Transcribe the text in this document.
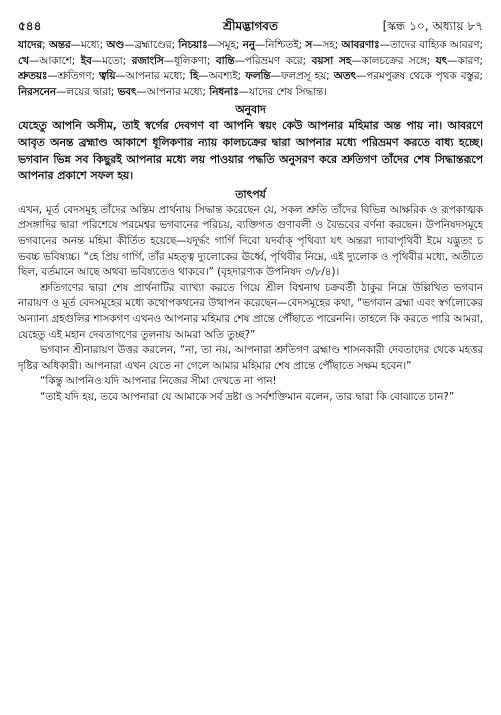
৫৪৪	শ্রীমদ্ভাগবত	[স্কন্ধ ১০, অধ্যায় ৮৭

যাদের; অন্তর—মধ্যে; অণ্ড—ব্রহ্মাণ্ডের; নিচয়াঃ—সমূহ; ননু—নিশ্চিতই; স—সহ; আবরণাঃ—তাদের বাহ্যিক আবরণ; খে—আকাশে; ইব—মতো; রজাংসি—ধূলিকণা; বান্তি—পরিভ্রমণ করে; বয়সা সহ—কালচক্রের সঙ্গে; যৎ—কারণ; শ্রুতয়ঃ—শ্রুতিগণ; ত্বয়ি—আপনার মধ্যে; হি—অবশ্যই; ফলন্তি—ফলপ্রসূ হয়; অতৎ—পরমপুরুষ থেকে পৃথক বস্তুর; নিরসনেন—লয়ের দ্বারা; ভবৎ—আপনার মধ্যে; নিধনাঃ—যাদের শেষ সিদ্ধান্ত।

অনুবাদ

যেহেতু আপনি অসীম, তাই স্বর্গের দেবগণ বা আপনি স্বয়ং কেউ আপনার মহিমার অন্ত পায় না। আবরণে আবৃত অনন্ত ব্রহ্মাণ্ড আকাশে ধূলিকণার ন্যায় কালচক্রের দ্বারা আপনার মধ্যে পরিভ্রমণ করতে বাধ্য হচ্ছে। ভগবান ভিন্ন সব কিছুরই আপনার মধ্যে লয় পাওয়ার পদ্ধতি অনুসরণ করে শ্রুতিগণ তাঁদের শেষ সিদ্ধান্তরূপে আপনার প্রকাশে সফল হয়।

তাৎপর্য

এখন, মূর্ত বেদসমূহ তাঁদের অন্তিম প্রার্থনায় সিদ্ধান্ত করেছেন যে, সকল শ্রুতি তাঁদের বিভিন্ন আক্ষরিক ও রূপকাত্মক প্রসঙ্গাদির দ্বারা পরিশেষে পরমেশ্বর ভগবানের পরিচয়, ব্যক্তিগত গুণাবলী ও বৈভবের বর্ণনা করছেন। উপনিষদসমূহে ভগবানের অনন্ত মহিমা কীর্তিত হয়েছে—যদূর্দ্ধং গার্গি দিবো যদর্বাক্‌ পৃথিব্যা যৎ অন্তরা দ্যাবাপৃথিবী ইমে যদ্ভুতং চ ভবচ্চ ভবিষ্যচ্চ। “হে প্রিয় গার্গি, তাঁর মহত্ত্ব দ্যুলোকের ঊর্ধ্বে, পৃথিবীর নিম্নে, এই দ্যুলোক ও পৃথিবীর মধ্যে, অতীতে ছিল, বর্তমানে আছে অথবা ভবিষ্যতেও থাকবে।” (বৃহদারণ্যক উপনিষদ ৩/৮/৪)।

শ্রুতিগণের দ্বারা শেষ প্রার্থনাটির ব্যাখ্যা করতে গিয়ে শ্রীল বিশ্বনাথ চক্রবর্তী ঠাকুর নিম্নে উল্লিখিত ভগবান নারায়ণ ও মূর্ত বেদসমূহের মধ্যে কথোপকথনের উত্থাপন করেছেন—বেদসমূহের কথা, “ভগবান ব্রহ্মা এবং স্বর্গলোকের অন্যান্য গ্রহগুলির শাসকগণ এখনও আপনার মহিমার শেষ প্রান্তে পৌঁছাতে পারেননি। তাহলে কি করতে পারি আমরা, যেহেতু এই মহান দেবতাগণের তুলনায় আমরা অতি তুচ্ছ?”

ভগবান শ্রীনারায়ণ উত্তর করলেন, “না, তা নয়, আপনারা শ্রুতিগণ ব্রহ্মাণ্ড শাসনকারী দেবতাদের থেকে মহত্তর দৃষ্টির অধিকারী। আপনারা এখন যেতে না গেলে আমার মহিমার শেষ প্রান্তে পৌঁছাতে সক্ষম হবেন।”

“কিন্তু আপনিও যদি আপনার নিজের সীমা দেখতে না পান!

“তাই যদি হয়, তবে আপনারা যে আমাকে সর্ব দ্রষ্টা ও সর্বশক্তিমান বলেন, তার দ্বারা কি বোঝাতে চান?”
